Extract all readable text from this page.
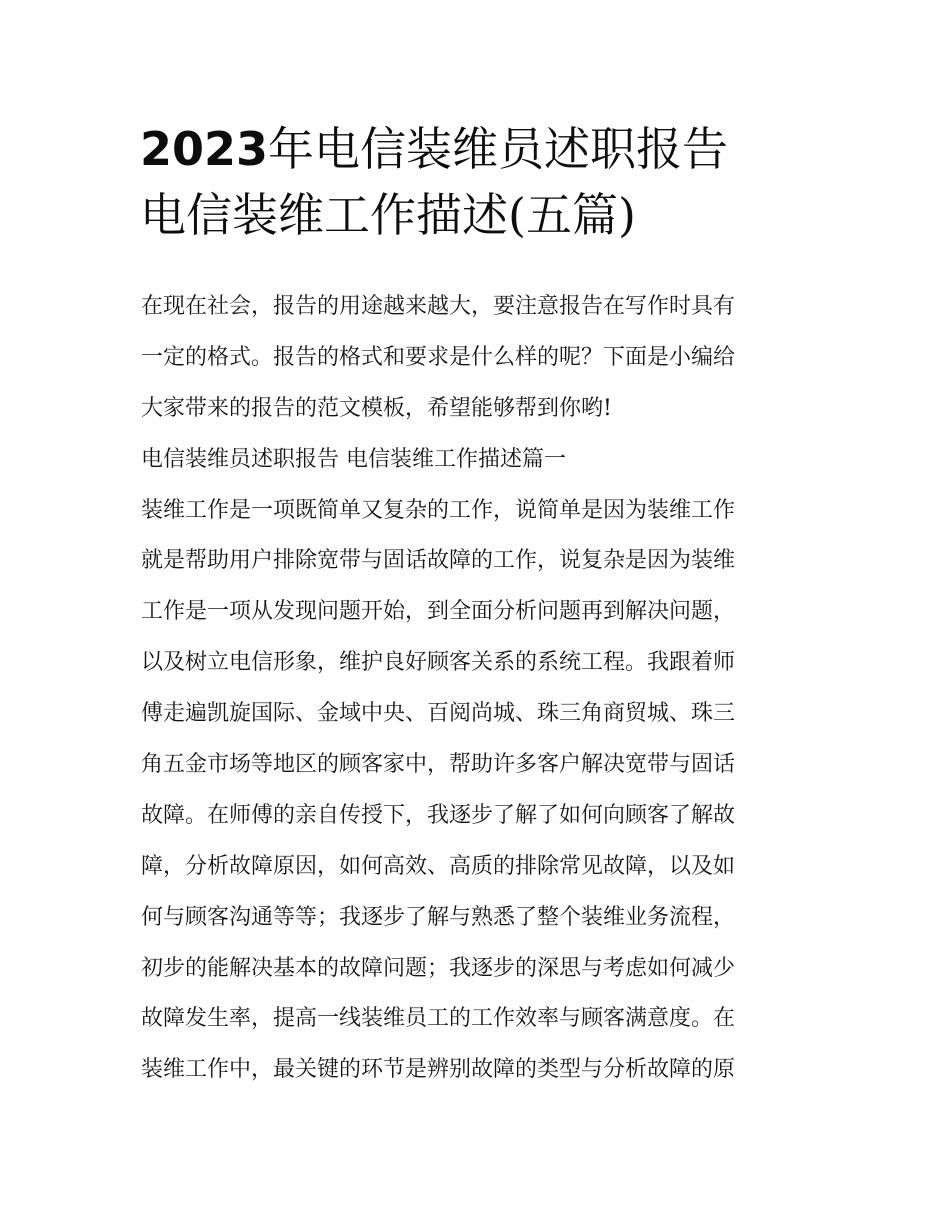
2023年电信装维员述职报告
电信装维工作描述(五篇)
在现在社会，报告的用途越来越大，要注意报告在写作时具有
一定的格式。报告的格式和要求是什么样的呢？下面是小编给
大家带来的报告的范文模板，希望能够帮到你哟!
电信装维员述职报告 电信装维工作描述篇一
装维工作是一项既简单又复杂的工作，说简单是因为装维工作
就是帮助用户排除宽带与固话故障的工作，说复杂是因为装维
工作是一项从发现问题开始，到全面分析问题再到解决问题，
以及树立电信形象，维护良好顾客关系的系统工程。我跟着师
傅走遍凯旋国际、金域中央、百阅尚城、珠三角商贸城、珠三
角五金市场等地区的顾客家中，帮助许多客户解决宽带与固话
故障。在师傅的亲自传授下，我逐步了解了如何向顾客了解故
障，分析故障原因，如何高效、高质的排除常见故障，以及如
何与顾客沟通等等；我逐步了解与熟悉了整个装维业务流程，
初步的能解决基本的故障问题；我逐步的深思与考虑如何减少
故障发生率，提高一线装维员工的工作效率与顾客满意度。在
装维工作中，最关键的环节是辨别故障的类型与分析故障的原
